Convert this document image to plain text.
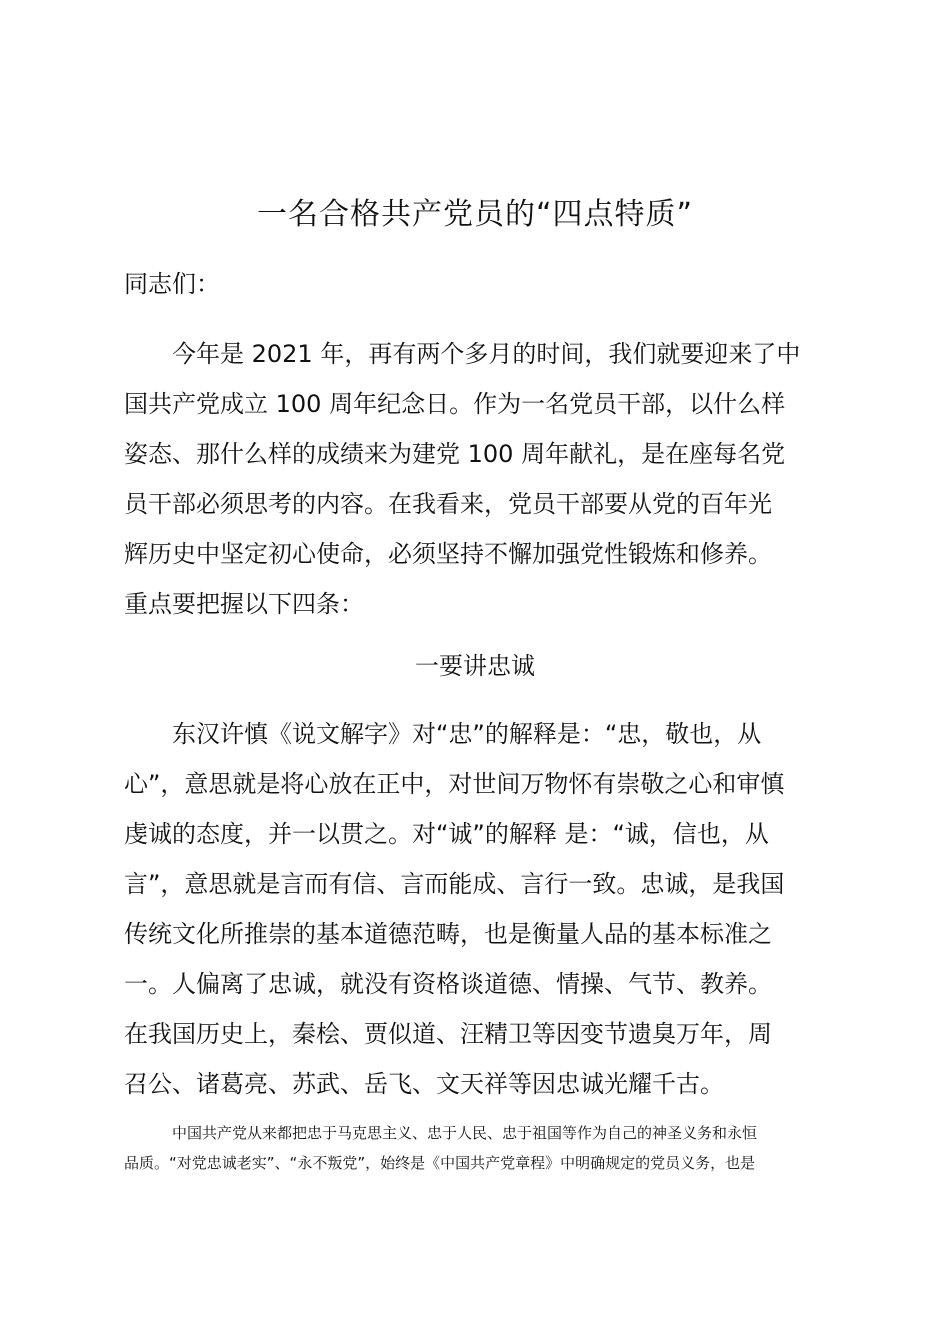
一名合格共产党员的“四点特质”

同志们：

今年是 2021 年，再有两个多月的时间，我们就要迎来了中

国共产党成立 100 周年纪念日。作为一名党员干部，以什么样

姿态、那什么样的成绩来为建党 100 周年献礼，是在座每名党

员干部必须思考的内容。在我看来，党员干部要从党的百年光

辉历史中坚定初心使命，必须坚持不懈加强党性锻炼和修养。

重点要把握以下四条：

一要讲忠诚

东汉许慎《说文解字》对“忠”的解释是：“忠，敬也，从

心”，意思就是将心放在正中，对世间万物怀有崇敬之心和审慎

虔诚的态度，并一以贯之。对“诚”的解释 是：“诚，信也，从

言”，意思就是言而有信、言而能成、言行一致。忠诚，是我国

传统文化所推崇的基本道德范畴，也是衡量人品的基本标准之

一。人偏离了忠诚，就没有资格谈道德、情操、气节、教养。

在我国历史上，秦桧、贾似道、汪精卫等因变节遗臭万年，周

召公、诸葛亮、苏武、岳飞、文天祥等因忠诚光耀千古。

中国共产党从来都把忠于马克思主义、忠于人民、忠于祖国等作为自己的神圣义务和永恒

品质。“对党忠诚老实”、“永不叛党”，始终是《中国共产党章程》中明确规定的党员义务，也是
